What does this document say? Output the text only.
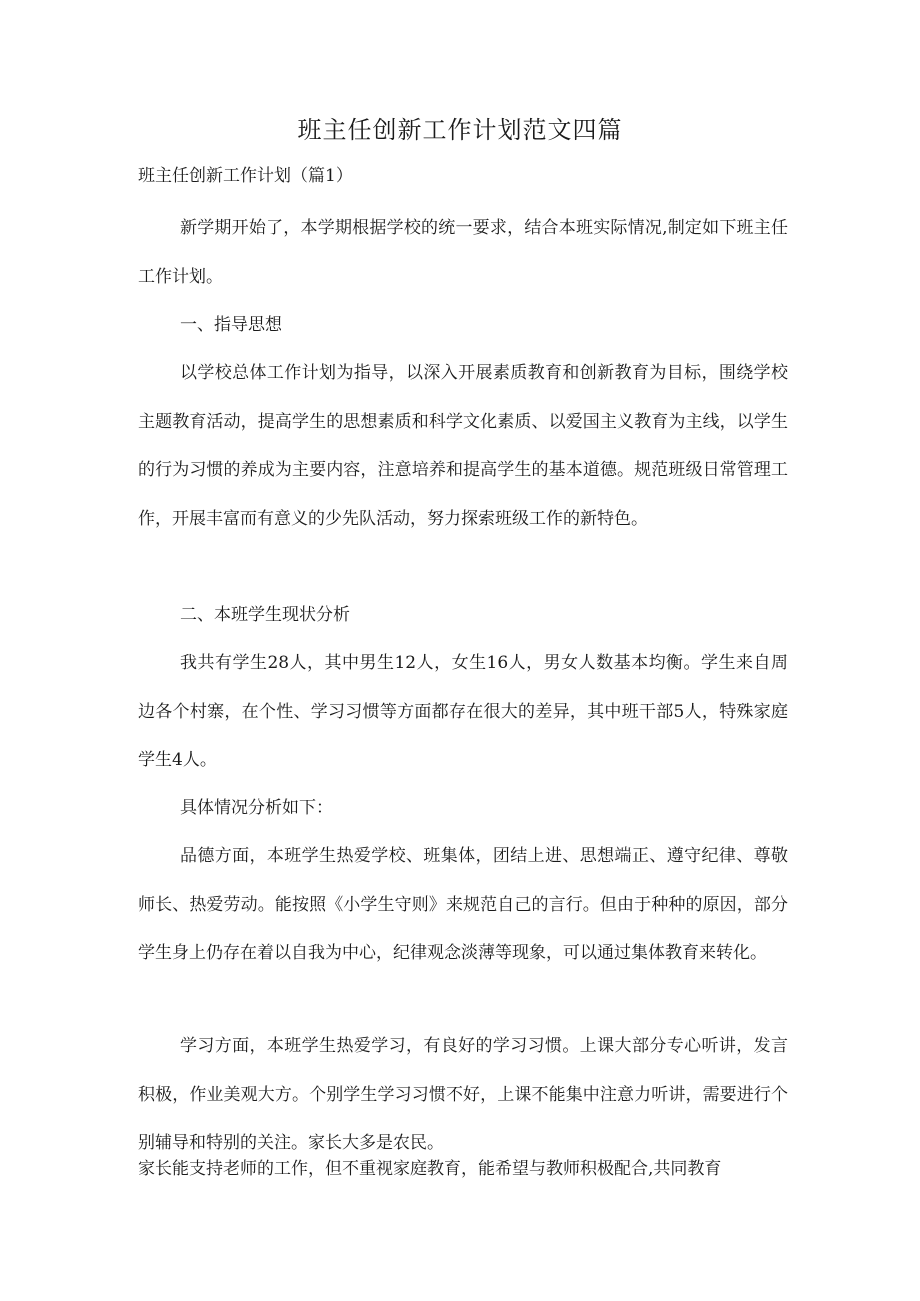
班主任创新工作计划范文四篇

班主任创新工作计划（篇1）

新学期开始了，本学期根据学校的统一要求，结合本班实际情况,制定如下班主任工作计划。

一、指导思想

以学校总体工作计划为指导，以深入开展素质教育和创新教育为目标，围绕学校主题教育活动，提高学生的思想素质和科学文化素质、以爱国主义教育为主线，以学生的行为习惯的养成为主要内容，注意培养和提高学生的基本道德。规范班级日常管理工作，开展丰富而有意义的少先队活动，努力探索班级工作的新特色。

二、本班学生现状分析

我共有学生28人，其中男生12人，女生16人，男女人数基本均衡。学生来自周边各个村寨，在个性、学习习惯等方面都存在很大的差异，其中班干部5人，特殊家庭学生4人。

具体情况分析如下：

品德方面，本班学生热爱学校、班集体，团结上进、思想端正、遵守纪律、尊敬师长、热爱劳动。能按照《小学生守则》来规范自己的言行。但由于种种的原因，部分学生身上仍存在着以自我为中心，纪律观念淡薄等现象，可以通过集体教育来转化。

学习方面，本班学生热爱学习，有良好的学习习惯。上课大部分专心听讲，发言积极，作业美观大方。个别学生学习习惯不好，上课不能集中注意力听讲，需要进行个别辅导和特别的关注。家长大多是农民。

家长能支持老师的工作，但不重视家庭教育，能希望与教师积极配合,共同教育
